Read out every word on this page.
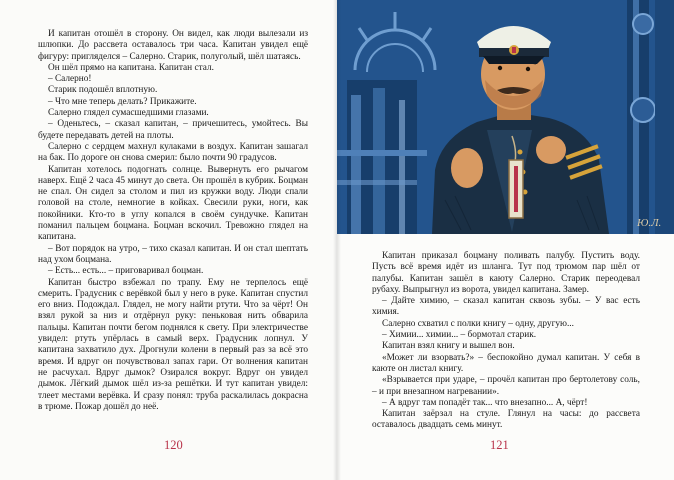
И капитан отошёл в сторону. Он видел, как люди вылезали из шлюпки. До рассвета оставалось три часа. Капитан увидел ещё фигуру: пригляделся – Салерно. Старик, полуголый, шёл шатаясь.

Он шёл прямо на капитана. Капитан стал.

– Салерно!

Старик подошёл вплотную.

– Что мне теперь делать? Прикажите.

Салерно глядел сумасшедшими глазами.

– Оденьтесь, – сказал капитан, – причешитесь, умойтесь. Вы будете передавать детей на плоты.

Салерно с сердцем махнул кулаками в воздух. Капитан зашагал на бак. По дороге он снова смерил: было почти 90 градусов.

Капитан хотелось подогнать солнце. Вывернуть его рычагом наверх. Ещё 2 часа 45 минут до света. Он прошёл в кубрик. Боцман не спал. Он сидел за столом и пил из кружки воду. Люди спали головой на столе, немногие в койках. Свесили руки, ноги, как покойники. Кто-то в углу копался в своём сундучке. Капитан поманил пальцем боцмана. Боцман вскочил. Тревожно глядел на капитана.

– Вот порядок на утро, – тихо сказал капитан. И он стал шептать над ухом боцмана.

– Есть... есть... – приговаривал боцман.

Капитан быстро взбежал по трапу. Ему не терпелось ещё смерить. Градусник с верёвкой был у него в руке. Капитан спустил его вниз. Подождал. Глядел, не могу найти ртути. Что за чёрт! Он взял рукой за низ и отдёрнул руку: пеньковая нить обварила пальцы. Капитан почти бегом поднялся к свету. При электричестве увидел: ртуть упёрлась в самый верх. Градусник лопнул. У капитана захватило дух. Дрогнули колени в первый раз за всё это время. И вдруг он почувствовал запах гари. От волнения капитан не расчухал. Вдруг дымок? Озирался вокруг. Вдруг он увидел дымок. Лёгкий дымок шёл из-за решётки. И тут капитан увидел: тлеет местами верёвка. И сразу понял: труба раскалилась докрасна в трюме. Пожар дошёл до неё.

120	121

Капитан приказал боцману поливать палубу. Пустить воду. Пусть всё время идёт из шланга. Тут под трюмом пар шёл от палубы. Капитан зашёл в каюту Салерно. Старик переодевал рубаху. Выпрыгнул из ворота, увидел капитана. Замер.

– Дайте химию, – сказал капитан сквозь зубы. – У вас есть химия.

Салерно схватил с полки книгу – одну, другую...

– Химии... химии... – бормотал старик.

Капитан взял книгу и вышел вон.

«Может ли взорвать?» – беспокойно думал капитан. У себя в каюте он листал книгу.

«Взрывается при ударе, – прочёл капитан про бертолетову соль, – и при внезапном нагревании».

– А вдруг там попадёт так... что внезапно... А, чёрт!

Капитан заёрзал на стуле. Глянул на часы: до рассвета оставалось двадцать семь минут.

Ю.Л.
